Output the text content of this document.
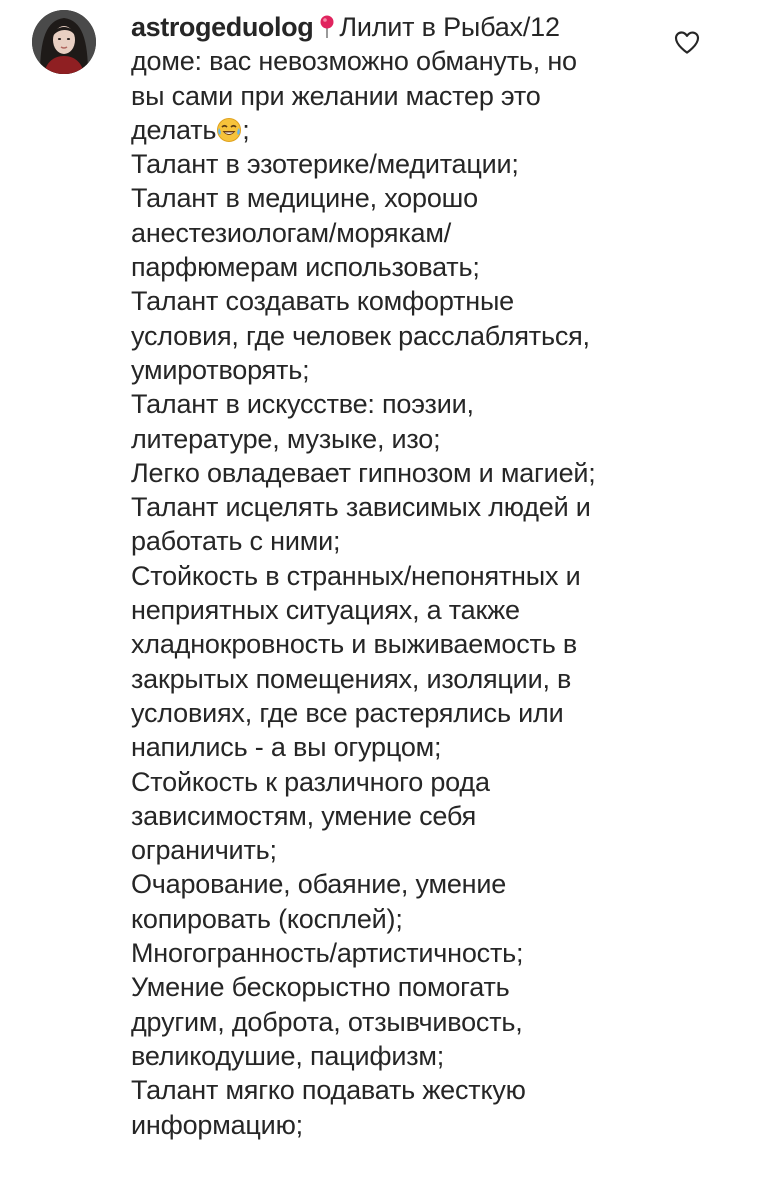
astrogeduolog Лилит в Рыбах/12
доме: вас невозможно обмануть, но
вы сами при желании мастер это
делать ;
Талант в эзотерике/медитации;
Талант в медицине, хорошо
анестезиологам/морякам/
парфюмерам использовать;
Талант создавать комфортные
условия, где человек расслабляться,
умиротворять;
Талант в искусстве: поэзии,
литературе, музыке, изо;
Легко овладевает гипнозом и магией;
Талант исцелять зависимых людей и
работать с ними;
Стойкость в странных/непонятных и
неприятных ситуациях, а также
хладнокровность и выживаемость в
закрытых помещениях, изоляции, в
условиях, где все растерялись или
напились - а вы огурцом;
Стойкость к различного рода
зависимостям, умение себя
ограничить;
Очарование, обаяние, умение
копировать (косплей);
Многогранность/артистичность;
Умение бескорыстно помогать
другим, доброта, отзывчивость,
великодушие, пацифизм;
Талант мягко подавать жесткую
информацию;
